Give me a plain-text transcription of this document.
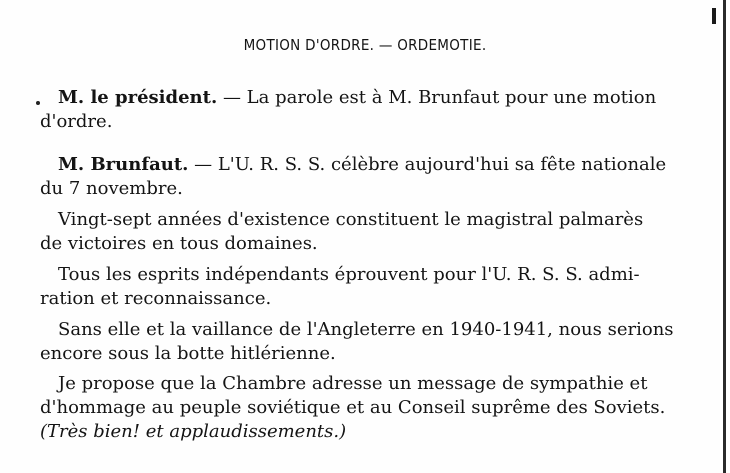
MOTION D'ORDRE. — ORDEMOTIE.
M. le président. — La parole est à M. Brunfaut pour une motion
d'ordre.
M. Brunfaut. — L'U. R. S. S. célèbre aujourd'hui sa fête nationale
du 7 novembre.
Vingt-sept années d'existence constituent le magistral palmarès
de victoires en tous domaines.
Tous les esprits indépendants éprouvent pour l'U. R. S. S. admi-
ration et reconnaissance.
Sans elle et la vaillance de l'Angleterre en 1940-1941, nous serions
encore sous la botte hitlérienne.
Je propose que la Chambre adresse un message de sympathie et
d'hommage au peuple soviétique et au Conseil suprême des Soviets.
(Très bien! et applaudissements.)
